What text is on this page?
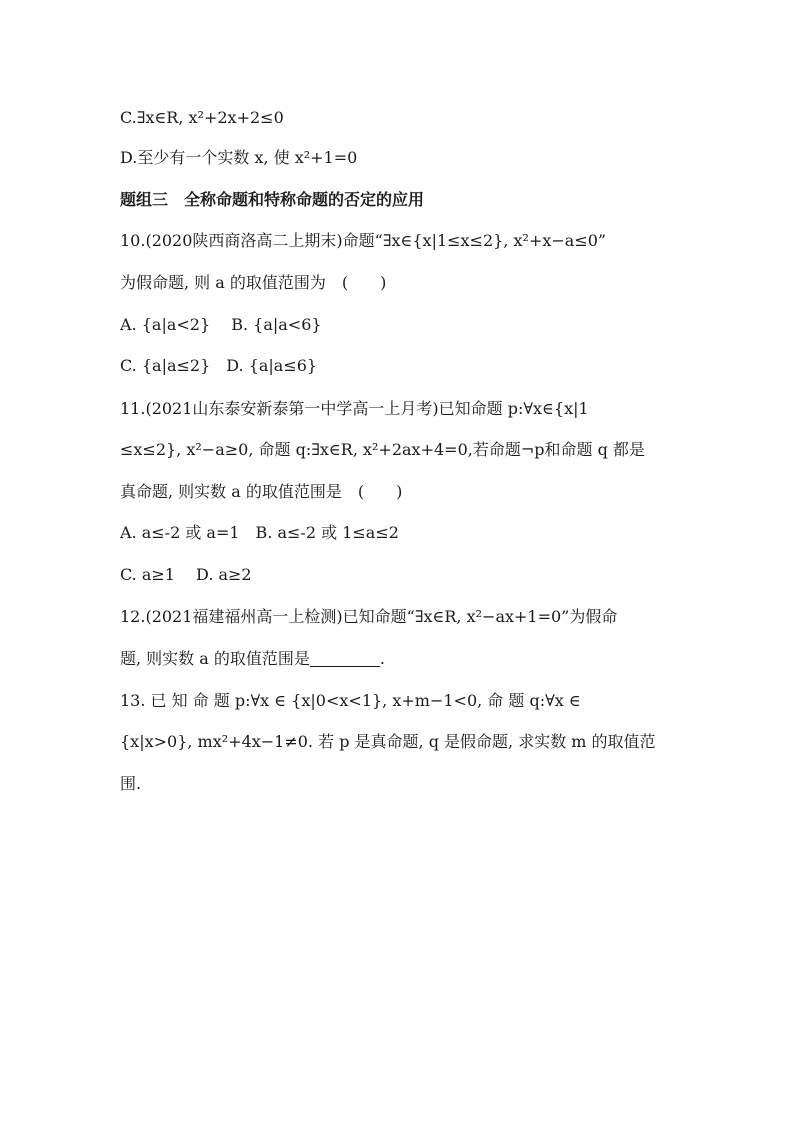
C.∃x∈R, x²+2x+2≤0
D.至少有一个实数 x, 使 x²+1=0
题组三　全称命题和特称命题的否定的应用
10.(2020陕西商洛高二上期末)命题“∃x∈{x|1≤x≤2}, x²+x−a≤0”
为假命题, 则 a 的取值范围为　(　　)
A. {a|a<2}　 B. {a|a<6}
C. {a|a≤2}　D. {a|a≤6}
11.(2021山东泰安新泰第一中学高一上月考)已知命题 p:∀x∈{x|1
≤x≤2}, x²−a≥0, 命题 q:∃x∈R, x²+2ax+4=0,若命题¬p和命题 q 都是
真命题, 则实数 a 的取值范围是　(　　)
A. a≤-2 或 a=1　B. a≤-2 或 1≤a≤2
C. a≥1　 D. a≥2
12.(2021福建福州高一上检测)已知命题“∃x∈R, x²−ax+1=0”为假命
题, 则实数 a 的取值范围是	.
13. 已 知 命 题 p:∀x ∈ {x|0<x<1}, x+m−1<0, 命 题 q:∀x ∈
{x|x>0}, mx²+4x−1≠0. 若 p 是真命题, q 是假命题, 求实数 m 的取值范
围.
